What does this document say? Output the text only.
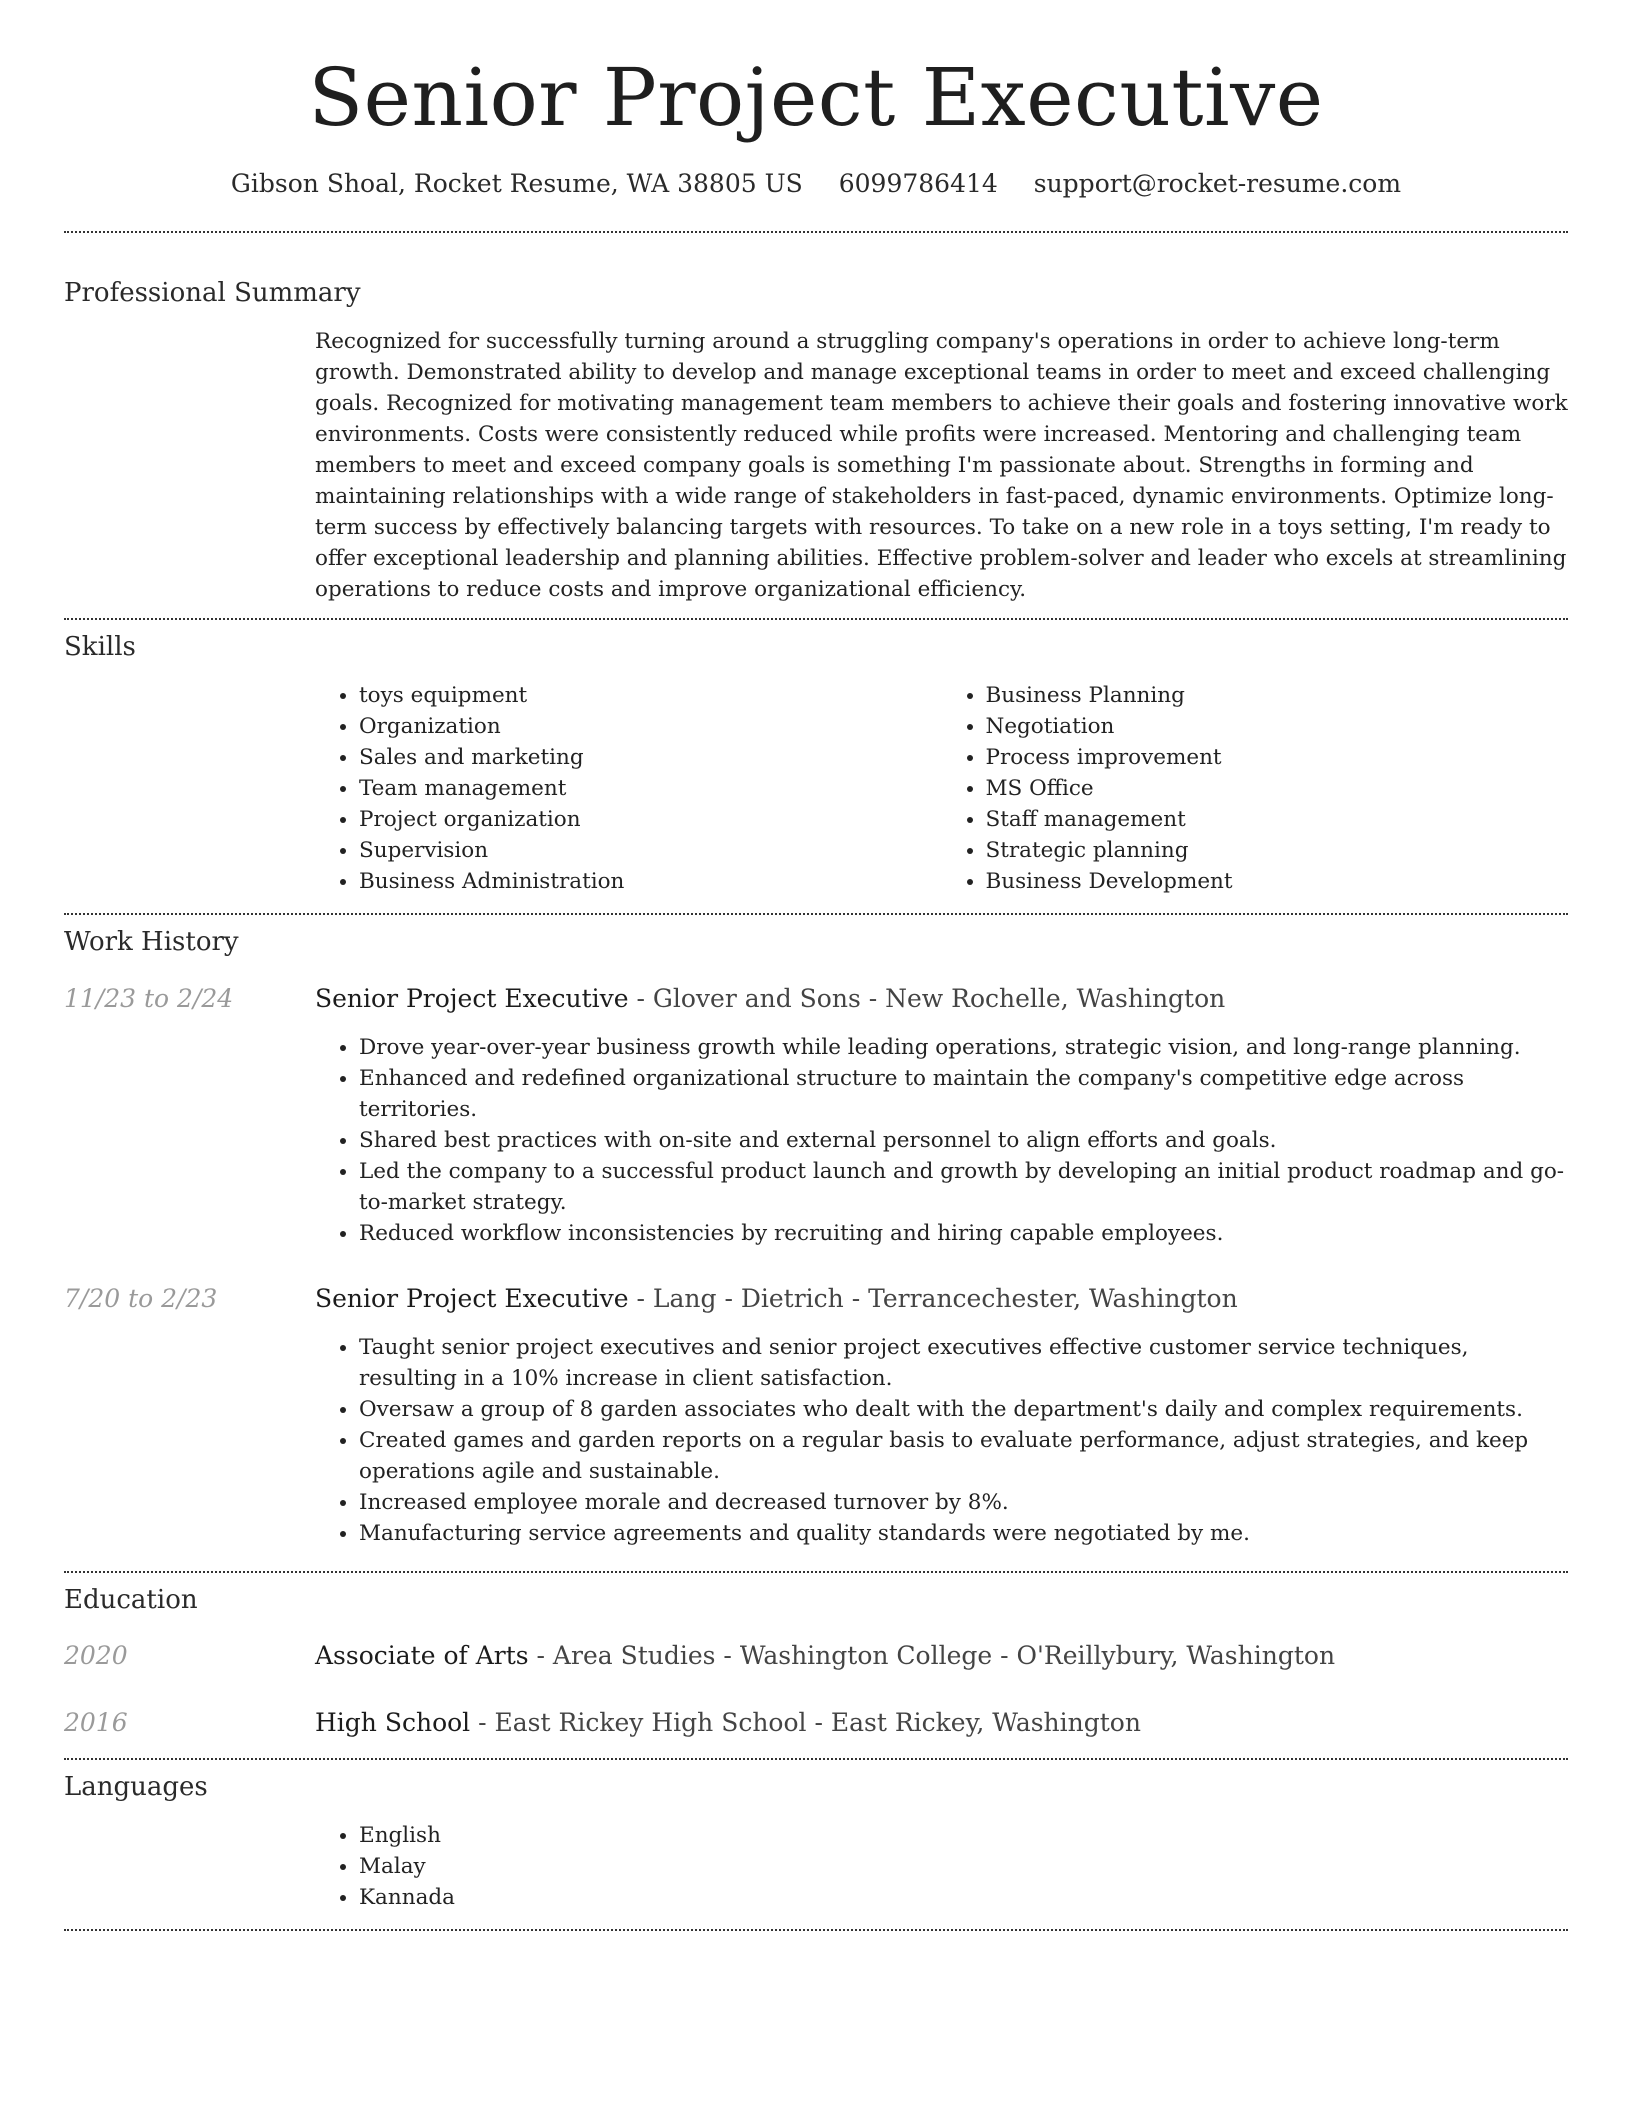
Senior Project Executive
Gibson Shoal, Rocket Resume, WA 38805 US 6099786414 support@rocket-resume.com
Professional Summary

Recognized for successfully turning around a struggling company's operations in order to achieve long-term growth. Demonstrated ability to develop and manage exceptional teams in order to meet and exceed challenging goals. Recognized for motivating management team members to achieve their goals and fostering innovative work environments. Costs were consistently reduced while profits were increased. Mentoring and challenging team members to meet and exceed company goals is something I'm passionate about. Strengths in forming and maintaining relationships with a wide range of stakeholders in fast-paced, dynamic environments. Optimize long-term success by effectively balancing targets with resources. To take on a new role in a toys setting, I'm ready to offer exceptional leadership and planning abilities. Effective problem-solver and leader who excels at streamlining operations to reduce costs and improve organizational efficiency.

Skills
• toys equipment
• Organization
• Sales and marketing
• Team management
• Project organization
• Supervision
• Business Administration
• Business Planning
• Negotiation
• Process improvement
• MS Office
• Staff management
• Strategic planning
• Business Development
Work History
11/23 to 2/24	Senior Project Executive - Glover and Sons - New Rochelle, Washington
• Drove year-over-year business growth while leading operations, strategic vision, and long-range planning.
• Enhanced and redefined organizational structure to maintain the company's competitive edge across territories.
• Shared best practices with on-site and external personnel to align efforts and goals.
• Led the company to a successful product launch and growth by developing an initial product roadmap and go-to-market strategy.
• Reduced workflow inconsistencies by recruiting and hiring capable employees.
7/20 to 2/23	Senior Project Executive - Lang - Dietrich - Terrancechester, Washington
• Taught senior project executives and senior project executives effective customer service techniques, resulting in a 10% increase in client satisfaction.
• Oversaw a group of 8 garden associates who dealt with the department's daily and complex requirements.
• Created games and garden reports on a regular basis to evaluate performance, adjust strategies, and keep operations agile and sustainable.
• Increased employee morale and decreased turnover by 8%.
• Manufacturing service agreements and quality standards were negotiated by me.
Education
2020	Associate of Arts - Area Studies - Washington College - O'Reillybury, Washington
2016	High School - East Rickey High School - East Rickey, Washington
Languages
• English
• Malay
• Kannada
